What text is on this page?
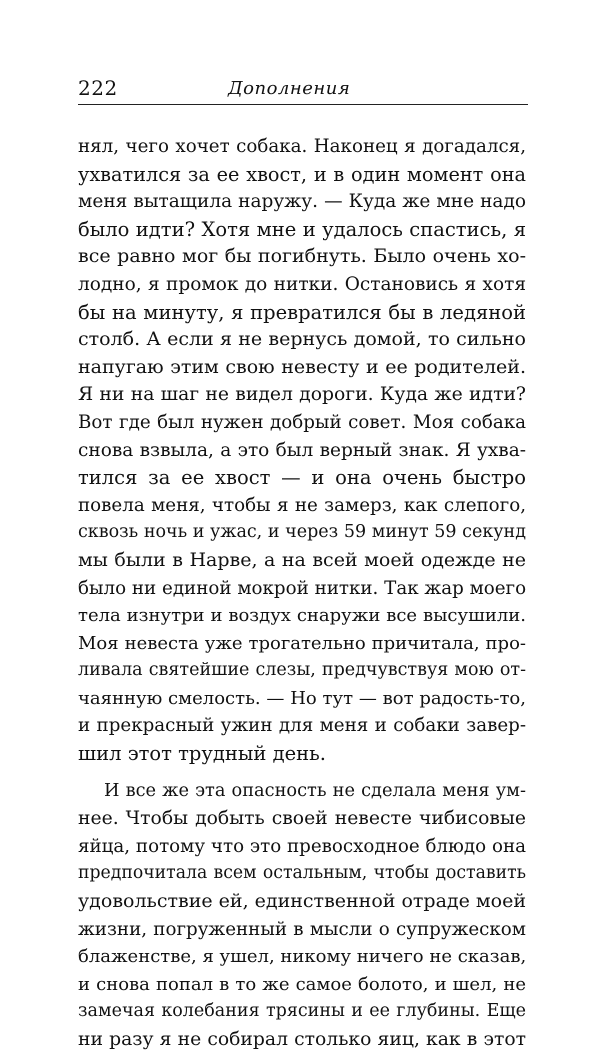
222	Дополнения
нял, чего хочет собака. Наконец я догадался,
ухватился за ее хвост, и в один момент она
меня вытащила наружу. — Куда же мне надо
было идти? Хотя мне и удалось спастись, я
все равно мог бы погибнуть. Было очень хо-
лодно, я промок до нитки. Остановись я хотя
бы на минуту, я превратился бы в ледяной
столб. А если я не вернусь домой, то сильно
напугаю этим свою невесту и ее родителей.
Я ни на шаг не видел дороги. Куда же идти?
Вот где был нужен добрый совет. Моя собака
снова взвыла, а это был верный знак. Я ухва-
тился за ее хвост — и она очень быстро
повела меня, чтобы я не замерз, как слепого,
сквозь ночь и ужас, и через 59 минут 59 секунд
мы были в Нарве, а на всей моей одежде не
было ни единой мокрой нитки. Так жар моего
тела изнутри и воздух снаружи все высушили.
Моя невеста уже трогательно причитала, про-
ливала святейшие слезы, предчувствуя мою от-
чаянную смелость. — Но тут — вот радость-то,
и прекрасный ужин для меня и собаки завер-
шил этот трудный день.
И все же эта опасность не сделала меня ум-
нее. Чтобы добыть своей невесте чибисовые
яйца, потому что это превосходное блюдо она
предпочитала всем остальным, чтобы доставить
удовольствие ей, единственной отраде моей
жизни, погруженный в мысли о супружеском
блаженстве, я ушел, никому ничего не сказав,
и снова попал в то же самое болото, и шел, не
замечая колебания трясины и ее глубины. Еще
ни разу я не собирал столько яиц, как в этот
